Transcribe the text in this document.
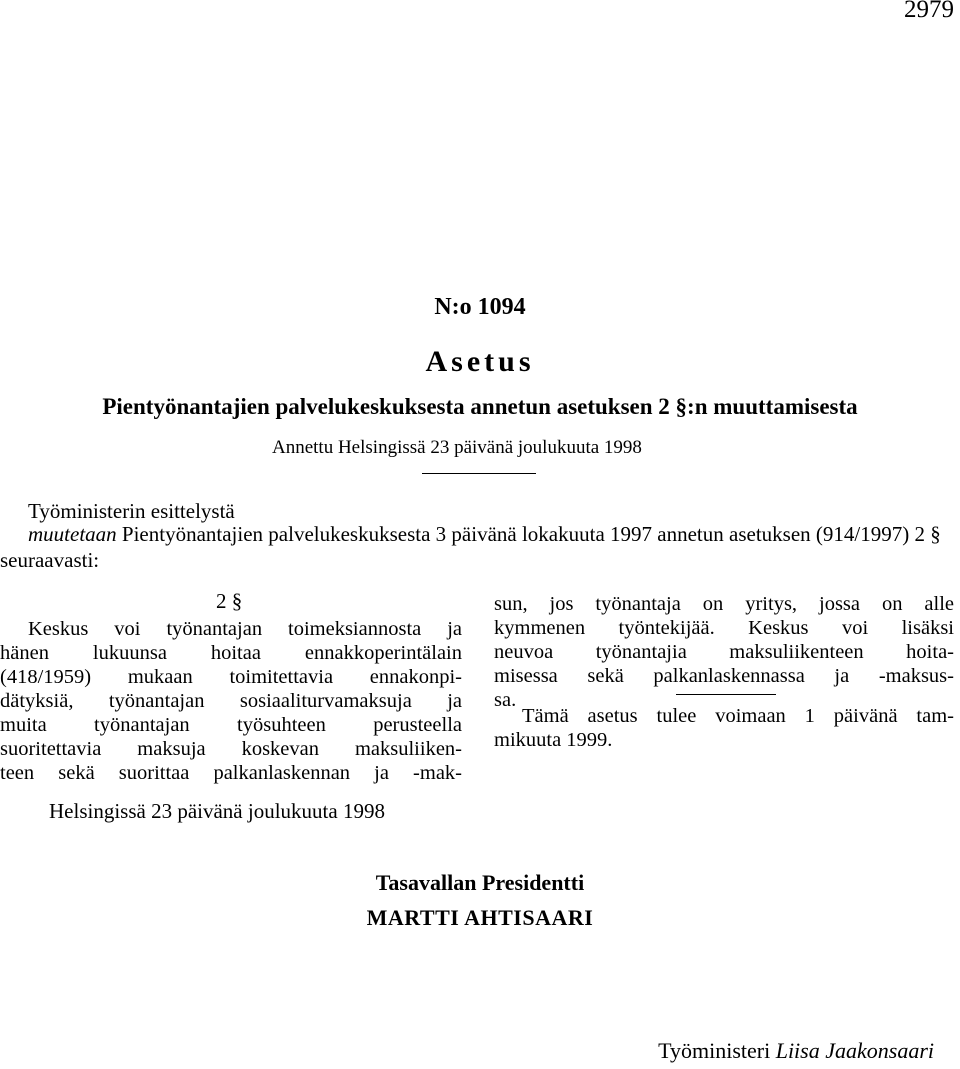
2979
N:o 1094
Asetus
Pientyönantajien palvelukeskuksesta annetun asetuksen 2 §:n muuttamisesta
Annettu Helsingissä 23 päivänä joulukuuta 1998
Työministerin esittelystä

muutetaan Pientyönantajien palvelukeskuksesta 3 päivänä lokakuuta 1997 annetun asetuksen (914/1997) 2 § seuraavasti:

2 §
Keskus voi työnantajan toimeksiannosta ja
hänen lukuunsa hoitaa ennakkoperintälain
(418/1959) mukaan toimitettavia ennakonpi-
dätyksiä, työnantajan sosiaaliturvamaksuja ja
muita työnantajan työsuhteen perusteella
suoritettavia maksuja koskevan maksuliiken-
teen sekä suorittaa palkanlaskennan ja -mak-
sun, jos työnantaja on yritys, jossa on alle
kymmenen työntekijää. Keskus voi lisäksi
neuvoa työnantajia maksuliikenteen hoita-
misessa sekä palkanlaskennassa ja -maksus-
sa.
Tämä asetus tulee voimaan 1 päivänä tam-
mikuuta 1999.
Helsingissä 23 päivänä joulukuuta 1998
Tasavallan Presidentti
MARTTI AHTISAARI
Työministeri Liisa Jaakonsaari
